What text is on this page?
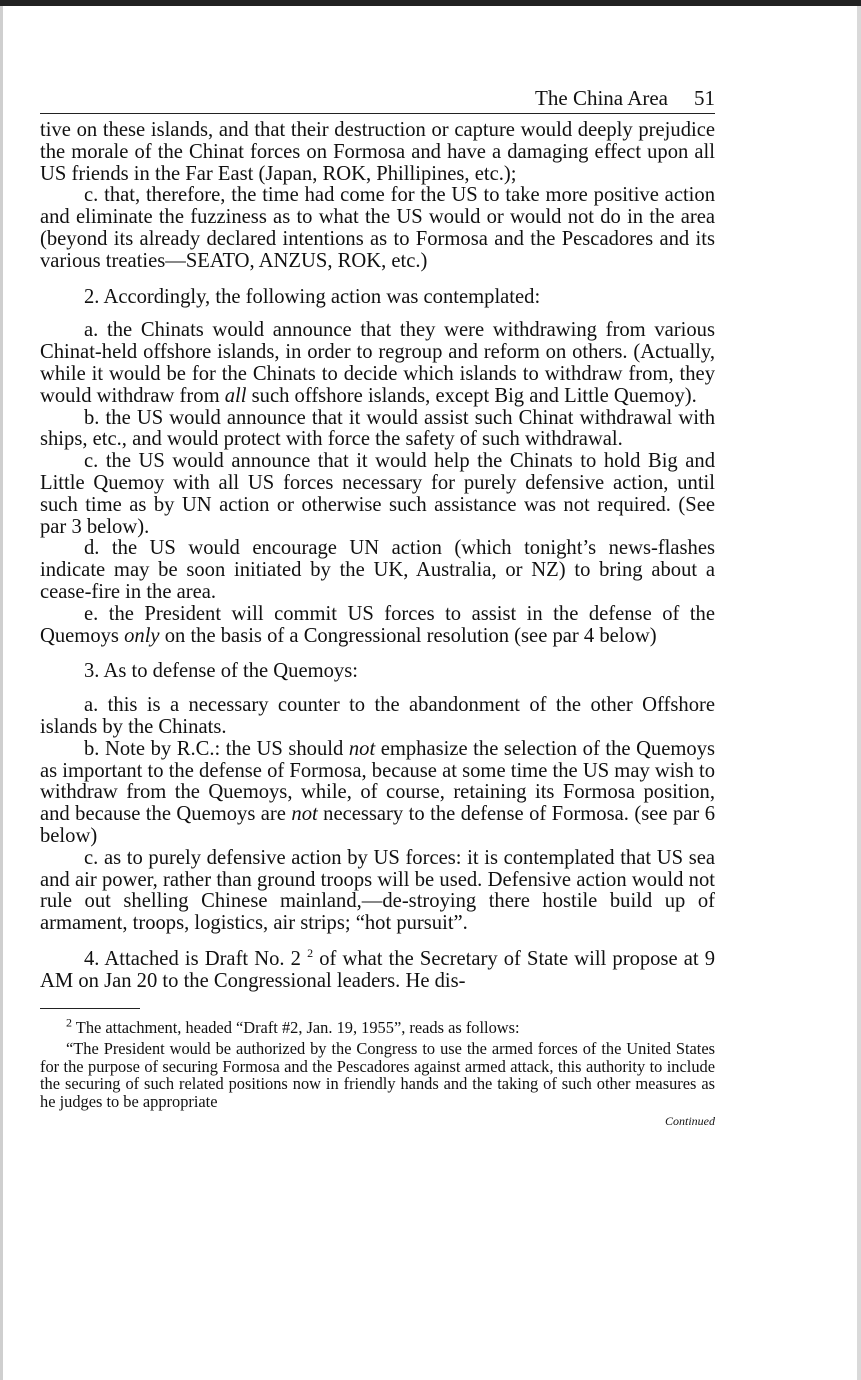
The China Area 51

tive on these islands, and that their destruction or capture would deeply prejudice the morale of the Chinat forces on Formosa and have a damaging effect upon all US friends in the Far East (Japan, ROK, Phillipines, etc.);

c. that, therefore, the time had come for the US to take more positive action and eliminate the fuzziness as to what the US would or would not do in the area (beyond its already declared intentions as to Formosa and the Pescadores and its various treaties—SEATO, ANZUS, ROK, etc.)

2. Accordingly, the following action was contemplated:

a. the Chinats would announce that they were withdrawing from various Chinat-held offshore islands, in order to regroup and reform on others. (Actually, while it would be for the Chinats to decide which islands to withdraw from, they would withdraw from all such offshore islands, except Big and Little Quemoy).

b. the US would announce that it would assist such Chinat withdrawal with ships, etc., and would protect with force the safety of such withdrawal.

c. the US would announce that it would help the Chinats to hold Big and Little Quemoy with all US forces necessary for purely defensive action, until such time as by UN action or otherwise such assistance was not required. (See par 3 below).

d. the US would encourage UN action (which tonight’s news-flashes indicate may be soon initiated by the UK, Australia, or NZ) to bring about a cease-fire in the area.

e. the President will commit US forces to assist in the defense of the Quemoys only on the basis of a Congressional resolution (see par 4 below)

3. As to defense of the Quemoys:

a. this is a necessary counter to the abandonment of the other Offshore islands by the Chinats.

b. Note by R.C.: the US should not emphasize the selection of the Quemoys as important to the defense of Formosa, because at some time the US may wish to withdraw from the Quemoys, while, of course, retaining its Formosa position, and because the Quemoys are not necessary to the defense of Formosa. (see par 6 below)

c. as to purely defensive action by US forces: it is contemplated that US sea and air power, rather than ground troops will be used. Defensive action would not rule out shelling Chinese mainland,—de-stroying there hostile build up of armament, troops, logistics, air strips; “hot pursuit”.

4. Attached is Draft No. 2 $^2$ of what the Secretary of State will propose at 9 AM on Jan 20 to the Congressional leaders. He dis-

$^2$ The attachment, headed “Draft #2, Jan. 19, 1955”, reads as follows:

“The President would be authorized by the Congress to use the armed forces of the United States for the purpose of securing Formosa and the Pescadores against armed attack, this authority to include the securing of such related positions now in friendly hands and the taking of such other measures as he judges to be appropriate

Continued
